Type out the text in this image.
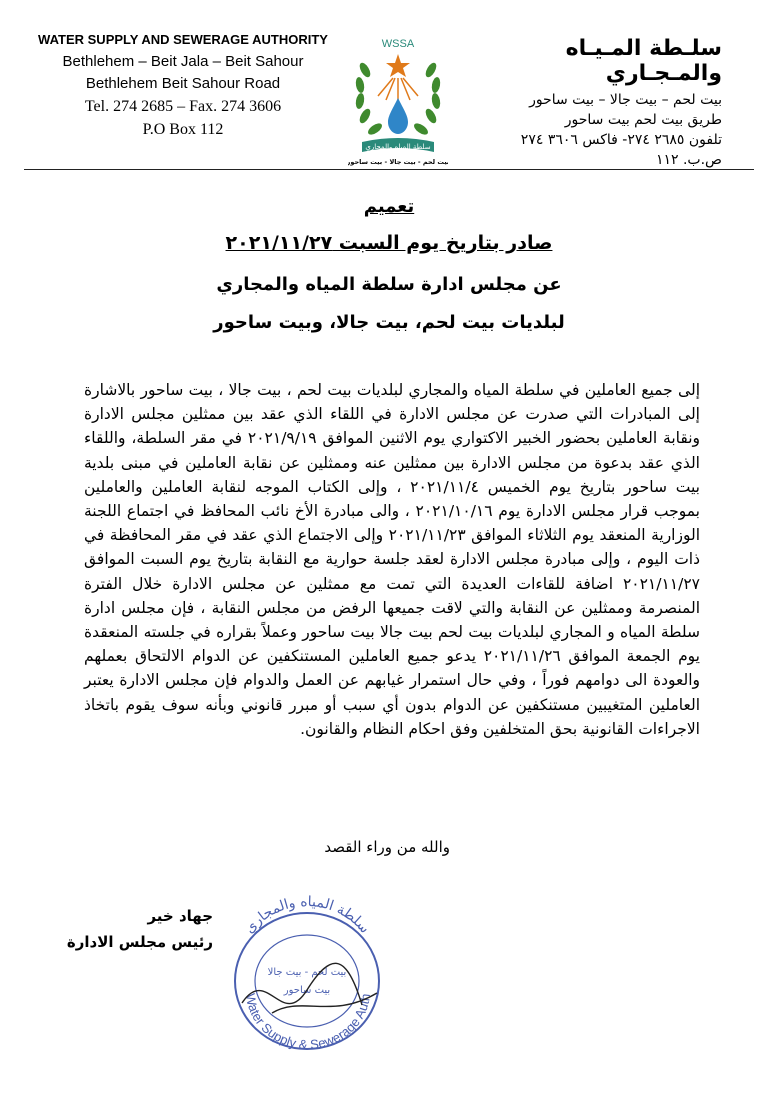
WATER SUPPLY AND SEWERAGE AUTHORITY
Bethlehem – Beit Jala – Beit Sahour
Bethlehem Beit Sahour Road
Tel. 274 2685 – Fax. 274 3606
P.O Box 112
WSSA
سلطة المياه والمجاري
بيت لحم - بيت جالا - بيت ساحور
سلـطة المـيـاه والمـجـاري
بيت لحم – بيت جالا – بيت ساحور
طريق بيت لحم بيت ساحور
تلفون ٢٦٨٥ ٢٧٤- فاكس ٣٦٠٦ ٢٧٤
ص.ب. ١١٢
تعميم
صادر بتاريخ يوم السبت ٢٠٢١/١١/٢٧
عن مجلس ادارة سلطة المياه والمجاري
لبلديات بيت لحم، بيت جالا، وبيت ساحور
إلى جميع العاملين في سلطة المياه والمجاري لبلديات بيت لحم ، بيت جالا ، بيت ساحور بالاشارة إلى المبادرات التي صدرت عن مجلس الادارة في اللقاء الذي عقد بين ممثلين مجلس الادارة ونقابة العاملين بحضور الخبير الاكتواري يوم الاثنين الموافق ٢٠٢١/٩/١٩ في مقر السلطة، واللقاء الذي عقد بدعوة من مجلس الادارة بين ممثلين عنه وممثلين عن نقابة العاملين في مبنى بلدية بيت ساحور بتاريخ يوم الخميس ٢٠٢١/١١/٤ ، وإلى الكتاب الموجه لنقابة العاملين والعاملين بموجب قرار مجلس الادارة يوم ٢٠٢١/١٠/١٦ ، والى مبادرة الأخ نائب المحافظ في اجتماع اللجنة الوزارية المنعقد يوم الثلاثاء الموافق ٢٠٢١/١١/٢٣ وإلى الاجتماع الذي عقد في مقر المحافظة في ذات اليوم ، وإلى مبادرة مجلس الادارة لعقد جلسة حوارية مع النقابة بتاريخ يوم السبت الموافق ٢٠٢١/١١/٢٧ اضافة للقاءات العديدة التي تمت مع ممثلين عن مجلس الادارة خلال الفترة المنصرمة وممثلين عن النقابة والتي لاقت جميعها الرفض من مجلس النقابة ، فإن مجلس ادارة سلطة المياه و المجاري لبلديات بيت لحم بيت جالا بيت ساحور وعملاً بقراره في جلسته المنعقدة يوم الجمعة الموافق ٢٠٢١/١١/٢٦ يدعو جميع العاملين المستنكفين عن الدوام الالتحاق بعملهم والعودة الى دوامهم فوراً ، وفي حال استمرار غيابهم عن العمل والدوام فإن مجلس الادارة يعتبر العاملين المتغيبين مستنكفين عن الدوام بدون أي سبب أو مبرر قانوني وبأنه سوف يقوم باتخاذ الاجراءات القانونية بحق المتخلفين وفق احكام النظام والقانون.
والله من وراء القصد
سلطة المياه والمجاري
Water Supply & Sewerage Auth
بيت لحم - بيت جالا
بيت ساحور
جهاد خير
رئيس مجلس الادارة
